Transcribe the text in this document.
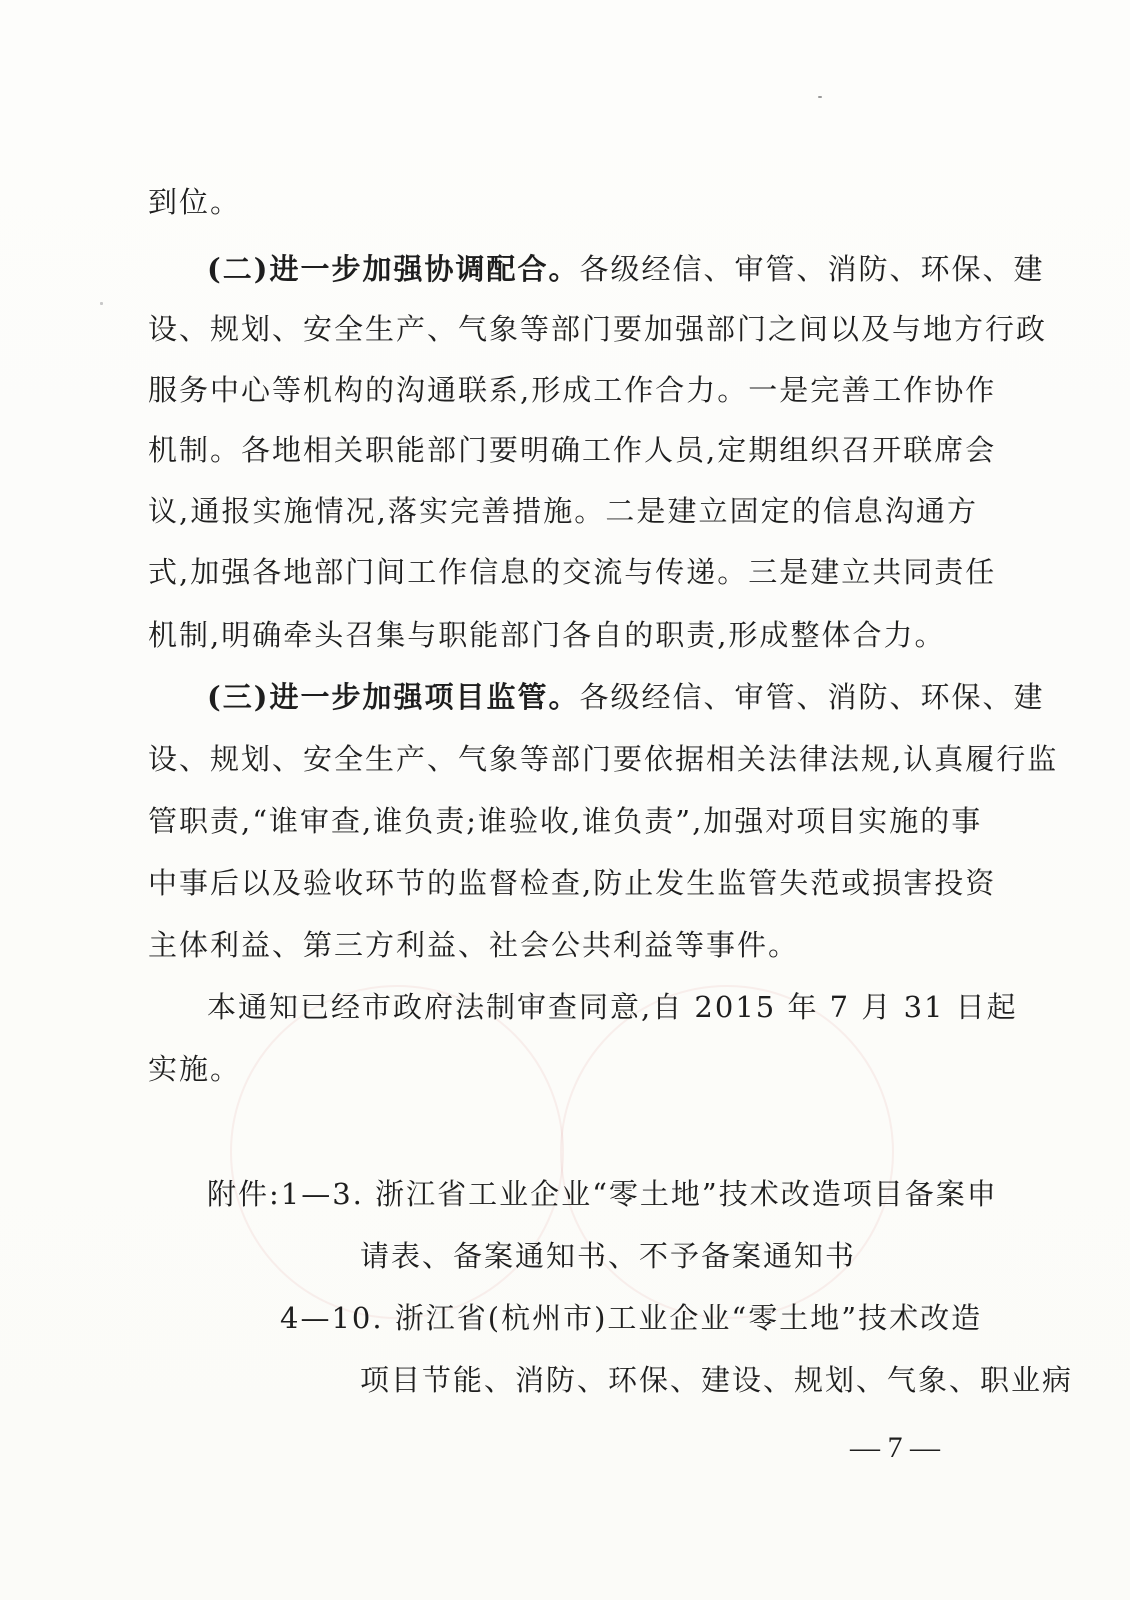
到位。
(二)进一步加强协调配合。各级经信、审管、消防、环保、建
设、规划、安全生产、气象等部门要加强部门之间以及与地方行政
服务中心等机构的沟通联系,形成工作合力。一是完善工作协作
机制。各地相关职能部门要明确工作人员,定期组织召开联席会
议,通报实施情况,落实完善措施。二是建立固定的信息沟通方
式,加强各地部门间工作信息的交流与传递。三是建立共同责任
机制,明确牵头召集与职能部门各自的职责,形成整体合力。
(三)进一步加强项目监管。各级经信、审管、消防、环保、建
设、规划、安全生产、气象等部门要依据相关法律法规,认真履行监
管职责,“谁审查,谁负责;谁验收,谁负责”,加强对项目实施的事
中事后以及验收环节的监督检查,防止发生监管失范或损害投资
主体利益、第三方利益、社会公共利益等事件。
本通知已经市政府法制审查同意,自 2015 年 7 月 31 日起
实施。
附件:1—3. 浙江省工业企业“零土地”技术改造项目备案申
请表、备案通知书、不予备案通知书
4—10. 浙江省(杭州市)工业企业“零土地”技术改造
项目节能、消防、环保、建设、规划、气象、职业病
— 7 —
